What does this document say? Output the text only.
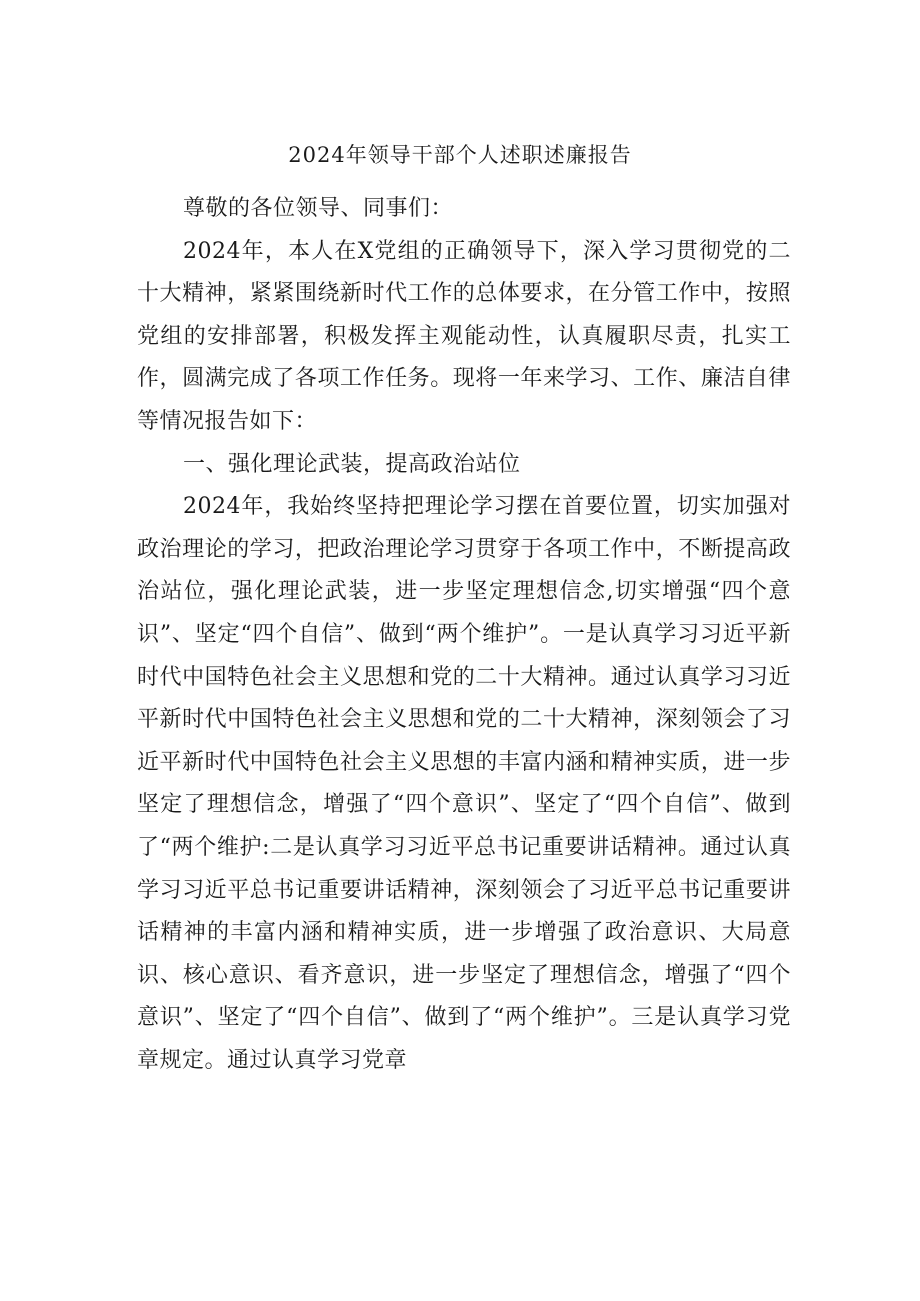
2024年领导干部个人述职述廉报告

尊敬的各位领导、同事们：

2024年，本人在X党组的正确领导下，深入学习贯彻党的二十大精神，紧紧围绕新时代工作的总体要求，在分管工作中，按照党组的安排部署，积极发挥主观能动性，认真履职尽责，扎实工作，圆满完成了各项工作任务。现将一年来学习、工作、廉洁自律等情况报告如下：

一、强化理论武装，提高政治站位

2024年，我始终坚持把理论学习摆在首要位置，切实加强对政治理论的学习，把政治理论学习贯穿于各项工作中，不断提高政治站位，强化理论武装，进一步坚定理想信念,切实增强“四个意识”、坚定“四个自信”、做到“两个维护”。一是认真学习习近平新时代中国特色社会主义思想和党的二十大精神。通过认真学习习近平新时代中国特色社会主义思想和党的二十大精神，深刻领会了习近平新时代中国特色社会主义思想的丰富内涵和精神实质，进一步坚定了理想信念，增强了“四个意识”、坚定了“四个自信”、做到了“两个维护:二是认真学习习近平总书记重要讲话精神。通过认真学习习近平总书记重要讲话精神，深刻领会了习近平总书记重要讲话精神的丰富内涵和精神实质，进一步增强了政治意识、大局意识、核心意识、看齐意识，进一步坚定了理想信念，增强了“四个意识”、坚定了“四个自信”、做到了“两个维护”。三是认真学习党章规定。通过认真学习党章
